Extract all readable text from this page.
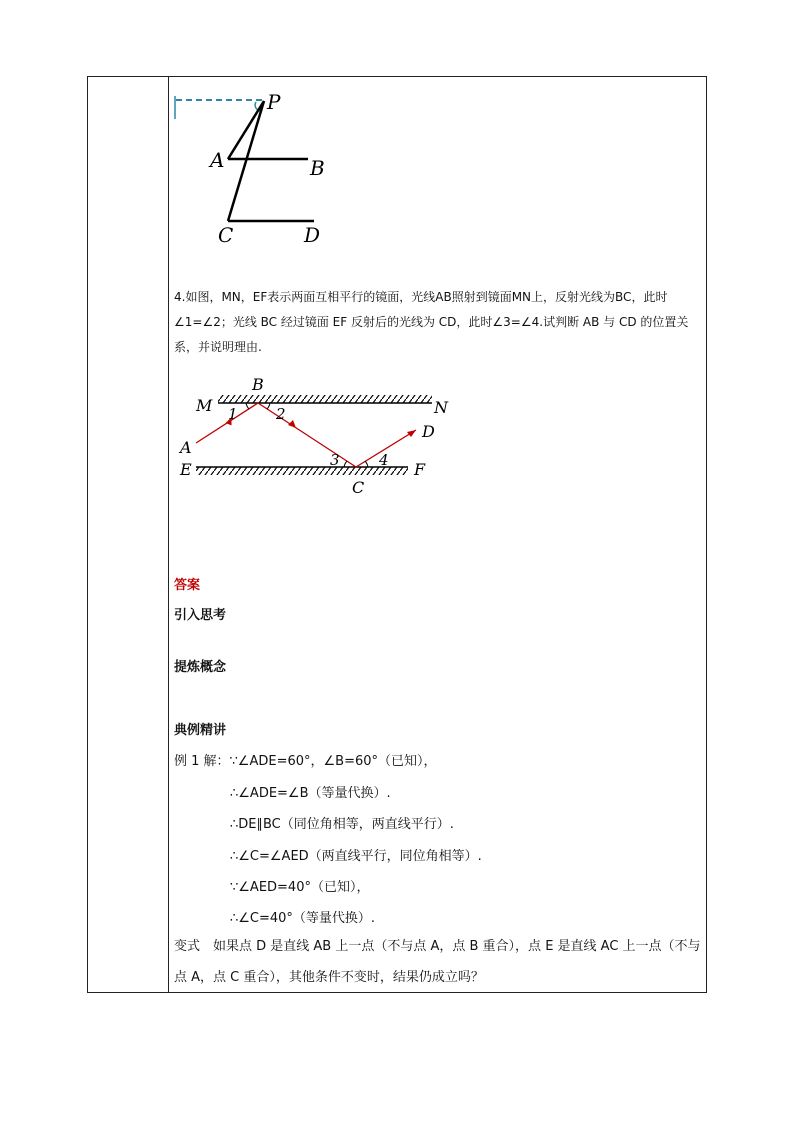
P
A	B
C	D
4.如图，MN，EF表示两面互相平行的镜面，光线AB照射到镜面MN上，反射光线为BC，此时∠1=∠2；光线 BC 经过镜面 EF 反射后的光线为 CD，此时∠3=∠4.试判断 AB 与 CD 的位置关系，并说明理由.
B
M	N
1	2
A
D
E	3	4 F
C
答案
引入思考
提炼概念
典例精讲
例 1 解：∵∠ADE=60°，∠B=60°（已知），
∴∠ADE=∠B（等量代换）.
∴DE∥BC（同位角相等，两直线平行）.
∴∠C=∠AED（两直线平行，同位角相等）.
∵∠AED=40°（已知），
∴∠C=40°（等量代换）.
变式　如果点 D 是直线 AB 上一点（不与点 A，点 B 重合），点 E 是直线 AC 上一点（不与点 A，点 C 重合），其他条件不变时，结果仍成立吗？
